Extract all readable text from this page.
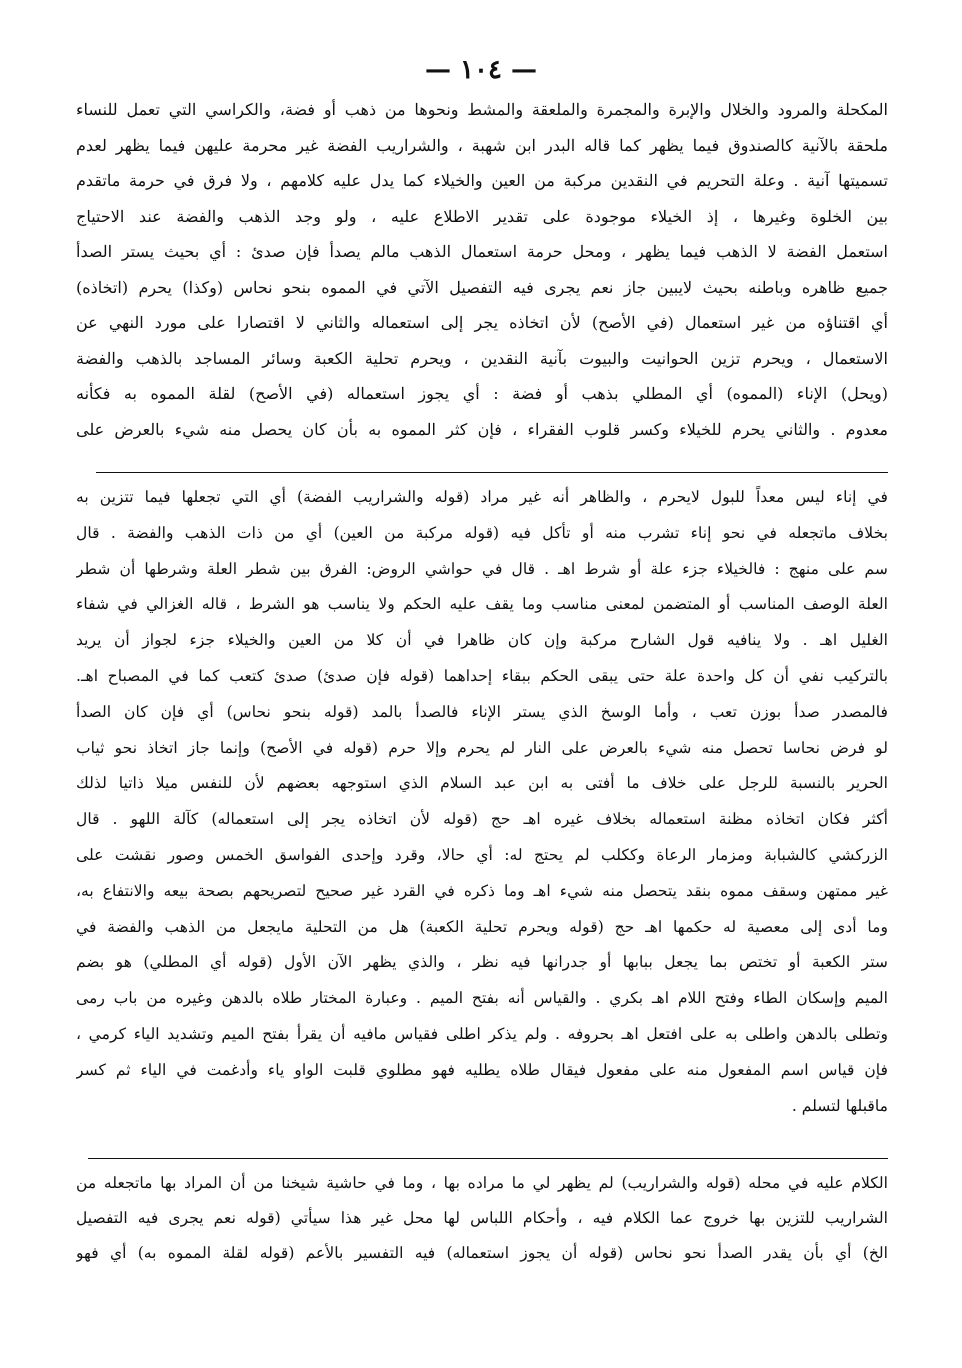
— ١٠٤ —
المكحلة والمرود والخلال والإبرة والمجمرة والملعقة والمشط ونحوها من ذهب أو فضة، والكراسي التي تعمل للنساء
ملحقة بالآنية كالصندوق فيما يظهر كما قاله البدر ابن شهبة ، والشراريب الفضة غير محرمة عليهن فيما يظهر لعدم
تسميتها آنية . وعلة التحريم في النقدين مركبة من العين والخيلاء كما يدل عليه كلامهم ، ولا فرق في حرمة ماتقدم
بين الخلوة وغيرها ، إذ الخيلاء موجودة على تقدير الاطلاع عليه ، ولو وجد الذهب والفضة عند الاحتياج
استعمل الفضة لا الذهب فيما يظهر ، ومحل حرمة استعمال الذهب مالم يصدأ فإن صدئ : أي بحيث يستر الصدأ
جميع ظاهره وباطنه بحيث لايبين جاز نعم يجرى فيه التفصيل الآتي في المموه بنحو نحاس (وكذا) يحرم (اتخاذه)
أي اقتناؤه من غير استعمال (في الأصح) لأن اتخاذه يجر إلى استعماله والثاني لا اقتصارا على مورد النهي عن
الاستعمال ، ويحرم تزين الحوانيت والبيوت بآنية النقدين ، ويحرم تحلية الكعبة وسائر المساجد بالذهب والفضة
(ويحل) الإناء (المموه) أي المطلي بذهب أو فضة : أي يجوز استعماله (في الأصح) لقلة المموه به فكأنه
معدوم . والثاني يحرم للخيلاء وكسر قلوب الفقراء ، فإن كثر المموه به بأن كان يحصل منه شيء بالعرض على
في إناء ليس معداً للبول لايحرم ، والظاهر أنه غير مراد (قوله والشراريب الفضة) أي التي تجعلها فيما تتزين به
بخلاف ماتجعله في نحو إناء تشرب منه أو تأكل فيه (قوله مركبة من العين) أي من ذات الذهب والفضة . قال
سم على منهج : فالخيلاء جزء علة أو شرط اهـ . قال في حواشي الروض: الفرق بين شطر العلة وشرطها أن شطر
العلة الوصف المناسب أو المتضمن لمعنى مناسب وما يقف عليه الحكم ولا يناسب هو الشرط ، قاله الغزالي في شفاء
الغليل اهـ . ولا ينافيه قول الشارح مركبة وإن كان ظاهرا في أن كلا من العين والخيلاء جزء لجواز أن يريد
بالتركيب نفي أن كل واحدة علة حتى يبقى الحكم ببقاء إحداهما (قوله فإن صدئ) صدئ كتعب كما في المصباح اهـ.
فالمصدر صدأ بوزن تعب ، وأما الوسخ الذي يستر الإناء فالصدأ بالمد (قوله بنحو نحاس) أي فإن كان الصدأ
لو فرض نحاسا تحصل منه شيء بالعرض على النار لم يحرم وإلا حرم (قوله في الأصح) وإنما جاز اتخاذ نحو ثياب
الحرير بالنسبة للرجل على خلاف ما أفتى به ابن عبد السلام الذي استوجهه بعضهم لأن للنفس ميلا ذاتيا لذلك
أكثر فكان اتخاذه مظنة استعماله بخلاف غيره اهـ حج (قوله لأن اتخاذه يجر إلى استعماله) كآلة اللهو . قال
الزركشي كالشبابة ومزمار الرعاة وككلب لم يحتج له: أي حالا، وقرد وإحدى الفواسق الخمس وصور نقشت على
غير ممتهن وسقف مموه بنقد يتحصل منه شيء اهـ وما ذكره في القرد غير صحيح لتصريحهم بصحة بيعه والانتفاع به،
وما أدى إلى معصية له حكمها اهـ حج (قوله ويحرم تحلية الكعبة) هل من التحلية مايجعل من الذهب والفضة في
ستر الكعبة أو تختص بما يجعل ببابها أو جدرانها فيه نظر ، والذي يظهر الآن الأول (قوله أي المطلي) هو بضم
الميم وإسكان الطاء وفتح اللام اهـ بكري . والقياس أنه بفتح الميم . وعبارة المختار طلاه بالدهن وغيره من باب رمى
وتطلى بالدهن واطلى به على افتعل اهـ بحروفه . ولم يذكر اطلى فقياس مافيه أن يقرأ بفتح الميم وتشديد الياء كرمي ،
فإن قياس اسم المفعول منه على مفعول فيقال طلاه يطليه فهو مطلوي قلبت الواو ياء وأدغمت في الياء ثم كسر
ماقبلها لتسلم .
الكلام عليه في محله (قوله والشراريب) لم يظهر لي ما مراده بها ، وما في حاشية شيخنا من أن المراد بها ماتجعله من
الشراريب للتزين بها خروج عما الكلام فيه ، وأحكام اللباس لها محل غير هذا سيأتي (قوله نعم يجرى فيه التفصيل
الخ) أي بأن يقدر الصدأ نحو نحاس (قوله أن يجوز استعماله) فيه التفسير بالأعم (قوله لقلة المموه به) أي فهو
